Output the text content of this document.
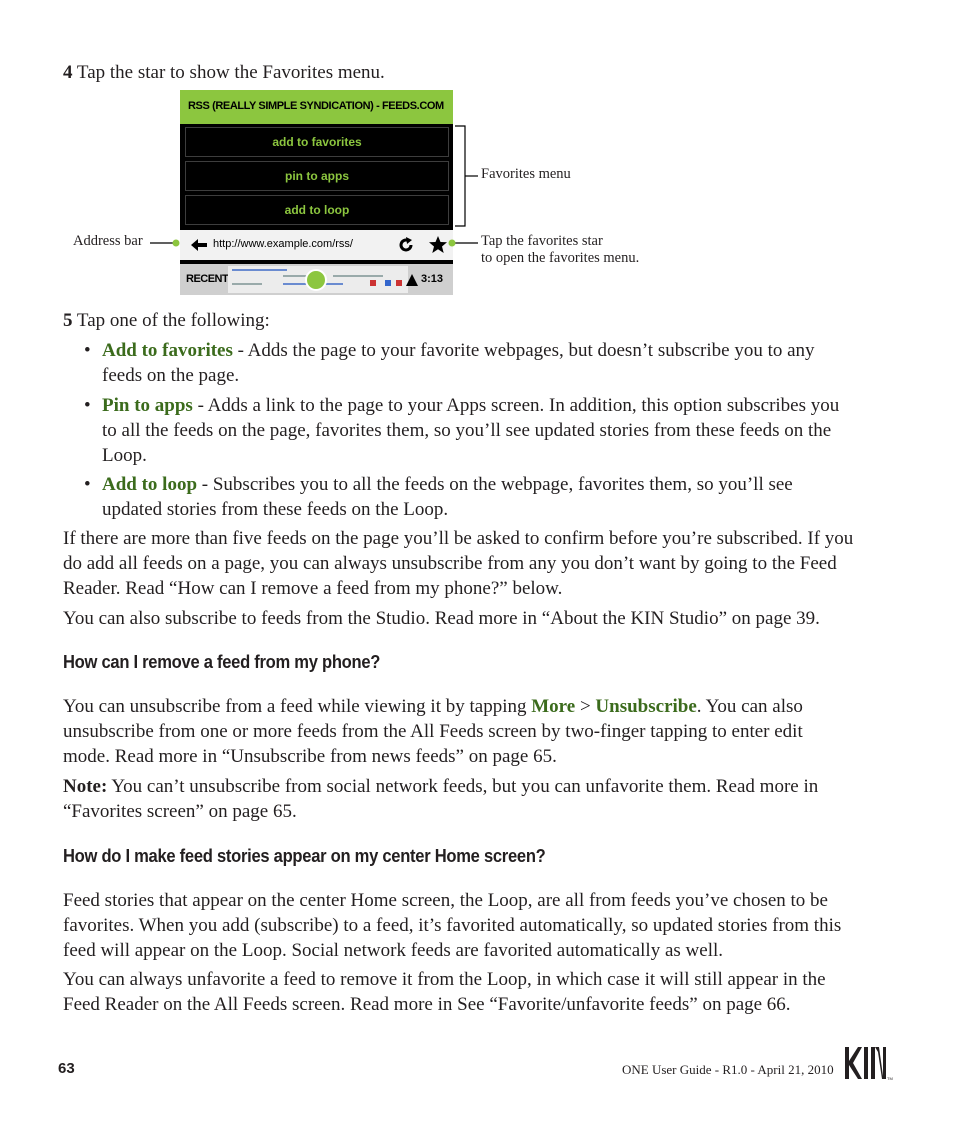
4 Tap the star to show the Favorites menu.

RSS (REALLY SIMPLE SYNDICATION) - FEEDS.COM
add to favorites
pin to apps
add to loop
http://www.example.com/rss/
RECENT	3:13
Favorites menu
Address bar	Tap the favorites star
to open the favorites menu.

5 Tap one of the following:

• Add to favorites - Adds the page to your favorite webpages, but doesn’t subscribe you to any
feeds on the page.
• Pin to apps - Adds a link to the page to your Apps screen. In addition, this option subscribes you
to all the feeds on the page, favorites them, so you’ll see updated stories from these feeds on the
Loop.
• Add to loop - Subscribes you to all the feeds on the webpage, favorites them, so you’ll see
updated stories from these feeds on the Loop.
If there are more than five feeds on the page you’ll be asked to confirm before you’re subscribed. If you
do add all feeds on a page, you can always unsubscribe from any you don’t want by going to the Feed
Reader. Read “How can I remove a feed from my phone?” below.

You can also subscribe to feeds from the Studio. Read more in “About the KIN Studio” on page 39.

How can I remove a feed from my phone?
You can unsubscribe from a feed while viewing it by tapping More > Unsubscribe. You can also
unsubscribe from one or more feeds from the All Feeds screen by two-finger tapping to enter edit
mode. Read more in “Unsubscribe from news feeds” on page 65.
Note: You can’t unsubscribe from social network feeds, but you can unfavorite them. Read more in
“Favorites screen” on page 65.
How do I make feed stories appear on my center Home screen?
Feed stories that appear on the center Home screen, the Loop, are all from feeds you’ve chosen to be
favorites. When you add (subscribe) to a feed, it’s favorited automatically, so updated stories from this
feed will appear on the Loop. Social network feeds are favorited automatically as well.
You can always unfavorite a feed to remove it from the Loop, in which case it will still appear in the
Feed Reader on the All Feeds screen. Read more in See “Favorite/unfavorite feeds” on page 66.
63	ONE User Guide - R1.0 - April 21, 2010
TM
